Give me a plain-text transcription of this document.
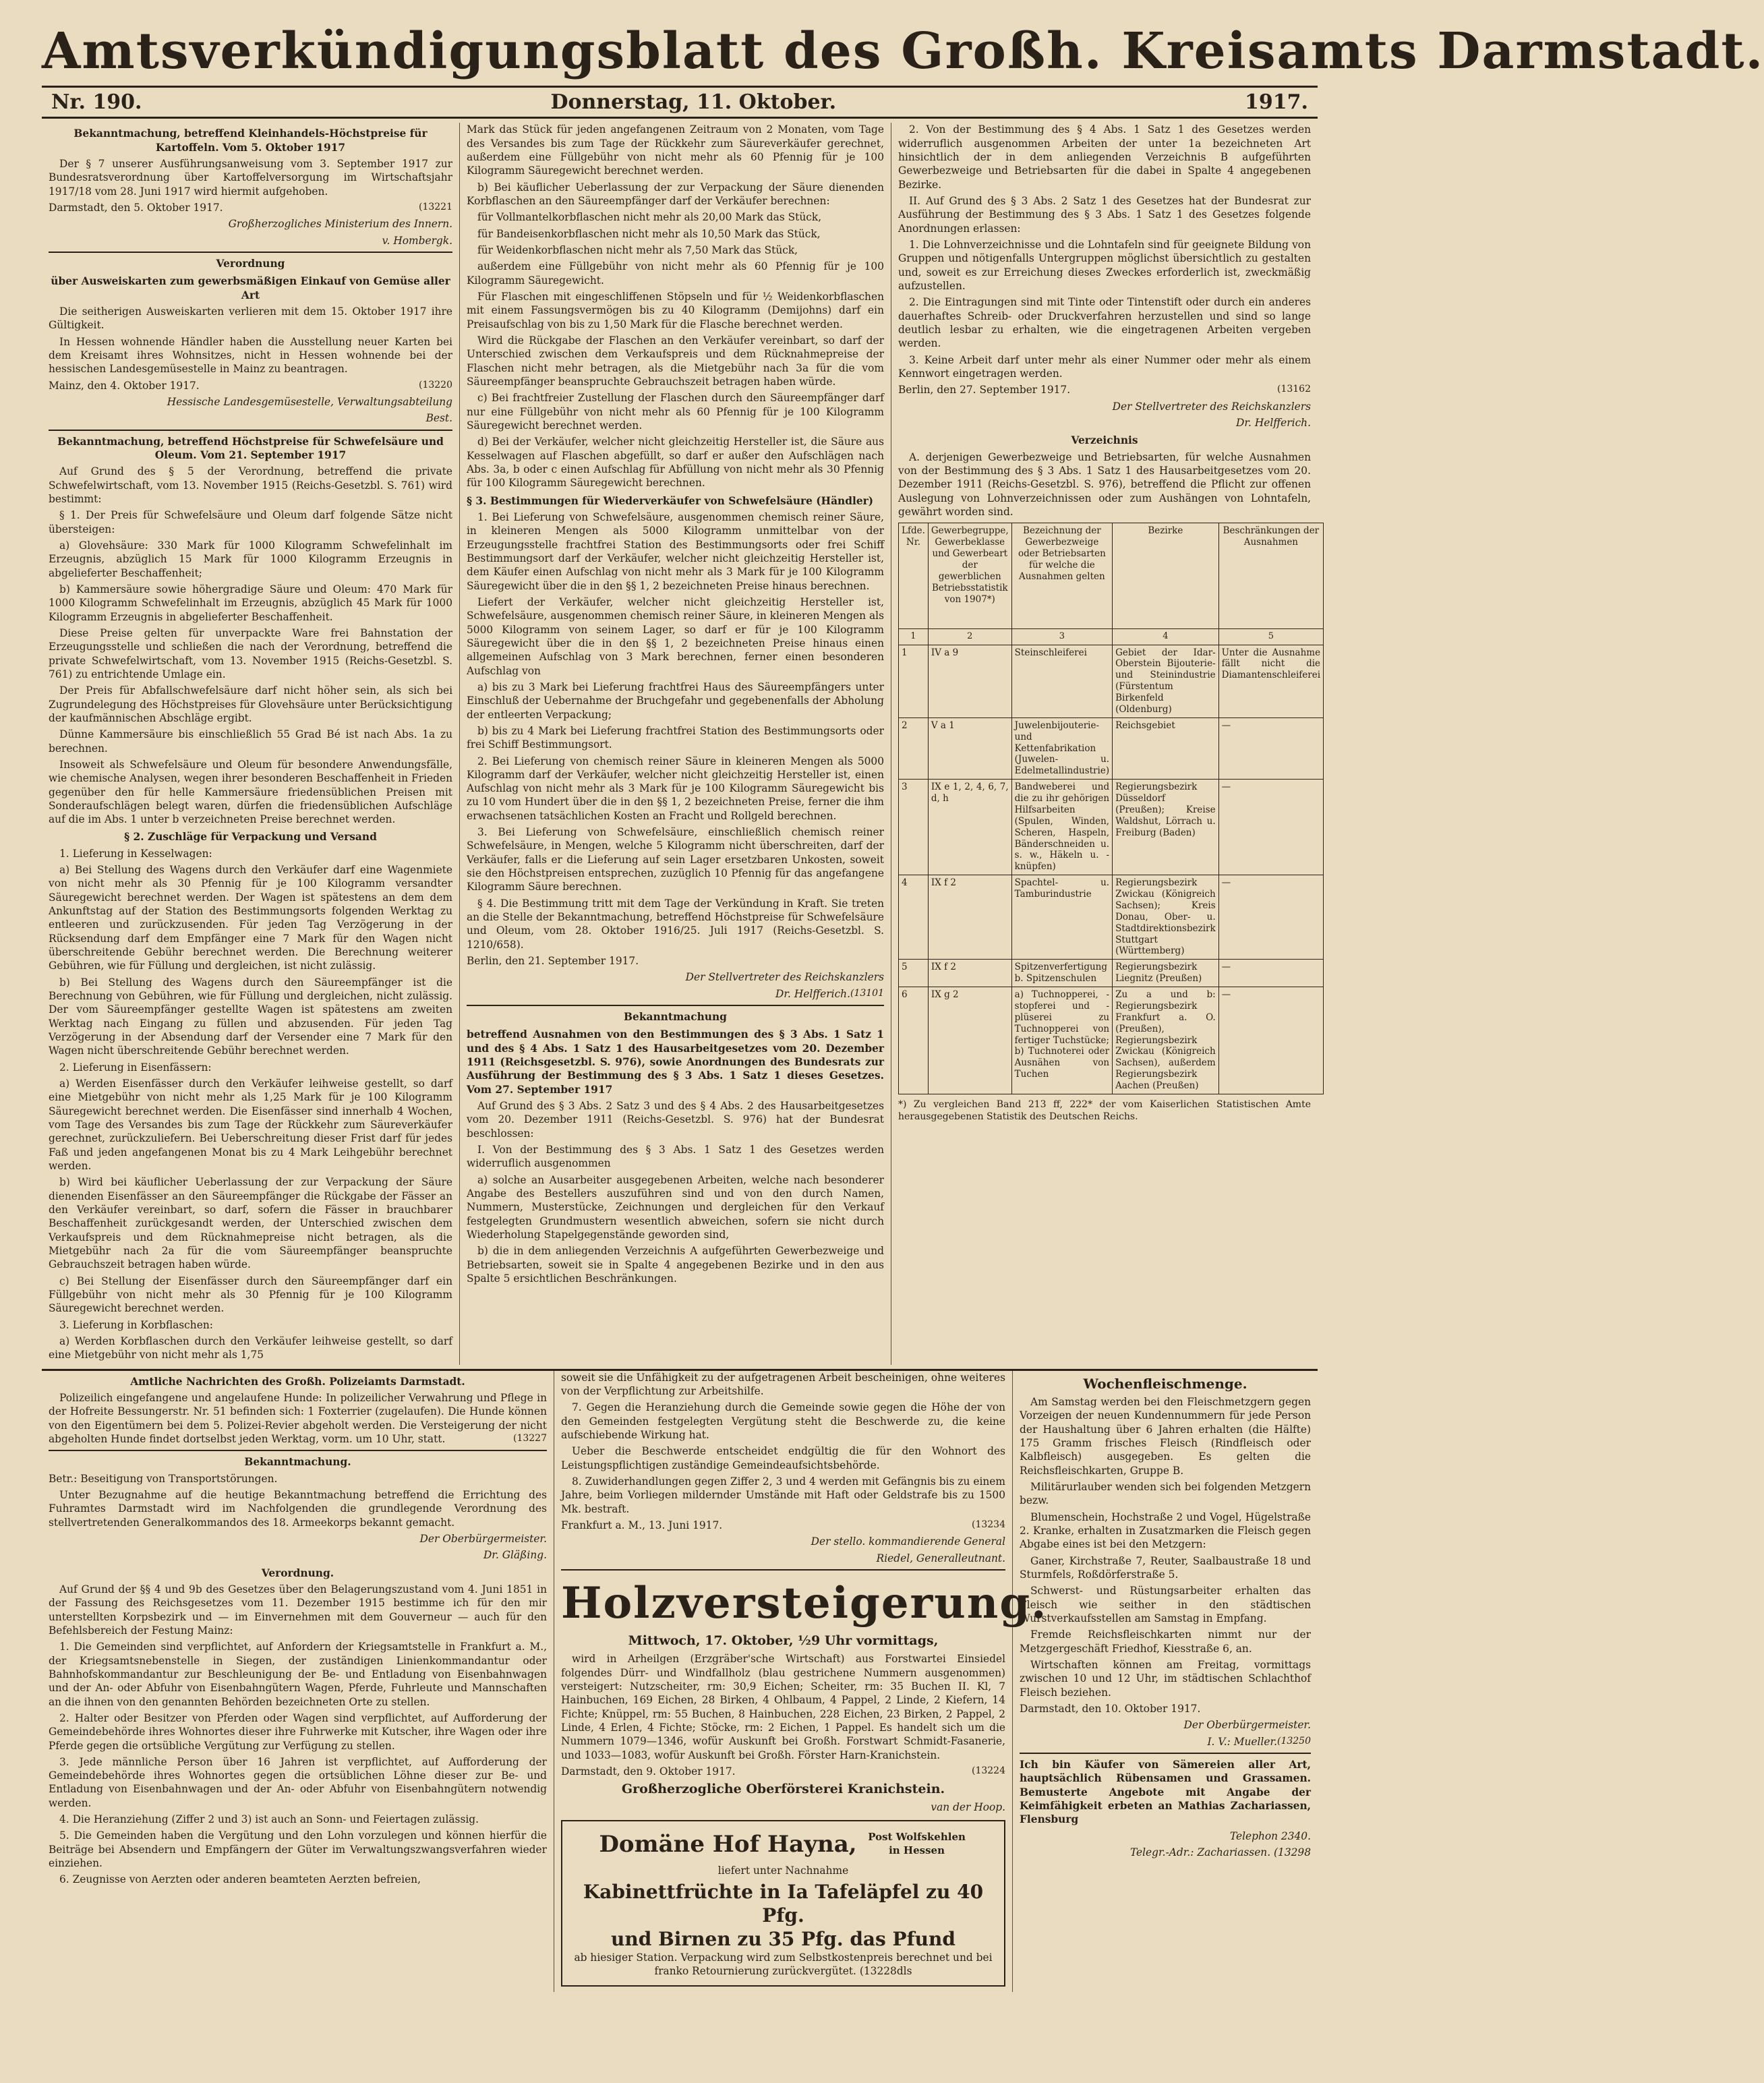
Amtsverkündigungsblatt des Großh. Kreisamts Darmstadt.
Nr. 190.	Donnerstag, 11. Oktober.	1917.
Bekanntmachung, betreffend Kleinhandels-Höchstpreise für Kartoffeln. Vom 5. Oktober 1917

Der § 7 unserer Ausführungsanweisung vom 3. September 1917 zur Bundesratsverordnung über Kartoffelversorgung im Wirtschaftsjahr 1917/18 vom 28. Juni 1917 wird hiermit aufgehoben.

Darmstadt, den 5. Oktober 1917.	(13221

Großherzogliches Ministerium des Innern.

v. Hombergk.

Verordnung
über Ausweiskarten zum gewerbsmäßigen Einkauf von Gemüse aller Art

Die seitherigen Ausweiskarten verlieren mit dem 15. Oktober 1917 ihre Gültigkeit.

In Hessen wohnende Händler haben die Ausstellung neuer Karten bei dem Kreisamt ihres Wohnsitzes, nicht in Hessen wohnende bei der hessischen Landesgemüsestelle in Mainz zu beantragen.

Mainz, den 4. Oktober 1917.	(13220

Hessische Landesgemüsestelle, Verwaltungsabteilung

Best.

Bekanntmachung, betreffend Höchstpreise für Schwefelsäure und Oleum. Vom 21. September 1917

Auf Grund des § 5 der Verordnung, betreffend die private Schwefelwirtschaft, vom 13. November 1915 (Reichs-Gesetzbl. S. 761) wird bestimmt:

§ 1. Der Preis für Schwefelsäure und Oleum darf folgende Sätze nicht übersteigen:

a) Glovehsäure: 330 Mark für 1000 Kilogramm Schwefelinhalt im Erzeugnis, abzüglich 15 Mark für 1000 Kilogramm Erzeugnis in abgelieferter Beschaffenheit;

b) Kammersäure sowie höhergradige Säure und Oleum: 470 Mark für 1000 Kilogramm Schwefelinhalt im Erzeugnis, abzüglich 45 Mark für 1000 Kilogramm Erzeugnis in abgelieferter Beschaffenheit.

Diese Preise gelten für unverpackte Ware frei Bahnstation der Erzeugungsstelle und schließen die nach der Verordnung, betreffend die private Schwefelwirtschaft, vom 13. November 1915 (Reichs-Gesetzbl. S. 761) zu entrichtende Umlage ein.

Der Preis für Abfallschwefelsäure darf nicht höher sein, als sich bei Zugrundelegung des Höchstpreises für Glovehsäure unter Berücksichtigung der kaufmännischen Abschläge ergibt.

Dünne Kammersäure bis einschließlich 55 Grad Bé ist nach Abs. 1a zu berechnen.

Insoweit als Schwefelsäure und Oleum für besondere Anwendungsfälle, wie chemische Analysen, wegen ihrer besonderen Beschaffenheit in Frieden gegenüber den für helle Kammersäure friedensüblichen Preisen mit Sonderaufschlägen belegt waren, dürfen die friedensüblichen Aufschläge auf die im Abs. 1 unter b verzeichneten Preise berechnet werden.

§ 2. Zuschläge für Verpackung und Versand

1. Lieferung in Kesselwagen:

a) Bei Stellung des Wagens durch den Verkäufer darf eine Wagenmiete von nicht mehr als 30 Pfennig für je 100 Kilogramm versandter Säuregewicht berechnet werden. Der Wagen ist spätestens an dem dem Ankunftstag auf der Station des Bestimmungsorts folgenden Werktag zu entleeren und zurückzusenden. Für jeden Tag Verzögerung in der Rücksendung darf dem Empfänger eine 7 Mark für den Wagen nicht überschreitende Gebühr berechnet werden. Die Berechnung weiterer Gebühren, wie für Füllung und dergleichen, ist nicht zulässig.

b) Bei Stellung des Wagens durch den Säureempfänger ist die Berechnung von Gebühren, wie für Füllung und dergleichen, nicht zulässig. Der vom Säureempfänger gestellte Wagen ist spätestens am zweiten Werktag nach Eingang zu füllen und abzusenden. Für jeden Tag Verzögerung in der Absendung darf der Versender eine 7 Mark für den Wagen nicht überschreitende Gebühr berechnet werden.

2. Lieferung in Eisenfässern:

a) Werden Eisenfässer durch den Verkäufer leihweise gestellt, so darf eine Mietgebühr von nicht mehr als 1,25 Mark für je 100 Kilogramm Säuregewicht berechnet werden. Die Eisenfässer sind innerhalb 4 Wochen, vom Tage des Versandes bis zum Tage der Rückkehr zum Säureverkäufer gerechnet, zurückzuliefern. Bei Ueberschreitung dieser Frist darf für jedes Faß und jeden angefangenen Monat bis zu 4 Mark Leihgebühr berechnet werden.

b) Wird bei käuflicher Ueberlassung der zur Verpackung der Säure dienenden Eisenfässer an den Säureempfänger die Rückgabe der Fässer an den Verkäufer vereinbart, so darf, sofern die Fässer in brauchbarer Beschaffenheit zurückgesandt werden, der Unterschied zwischen dem Verkaufspreis und dem Rücknahmepreise nicht betragen, als die Mietgebühr nach 2a für die vom Säureempfänger beanspruchte Gebrauchszeit betragen haben würde.

c) Bei Stellung der Eisenfässer durch den Säureempfänger darf ein Füllgebühr von nicht mehr als 30 Pfennig für je 100 Kilogramm Säuregewicht berechnet werden.

3. Lieferung in Korbflaschen:

a) Werden Korbflaschen durch den Verkäufer leihweise gestellt, so darf eine Mietgebühr von nicht mehr als 1,75

Mark das Stück für jeden angefangenen Zeitraum von 2 Monaten, vom Tage des Versandes bis zum Tage der Rückkehr zum Säureverkäufer gerechnet, außerdem eine Füllgebühr von nicht mehr als 60 Pfennig für je 100 Kilogramm Säuregewicht berechnet werden.

b) Bei käuflicher Ueberlassung der zur Verpackung der Säure dienenden Korbflaschen an den Säureempfänger darf der Verkäufer berechnen:

für Vollmantelkorbflaschen nicht mehr als 20,00 Mark das Stück,

für Bandeisenkorbflaschen nicht mehr als 10,50 Mark das Stück,

für Weidenkorbflaschen nicht mehr als 7,50 Mark das Stück,

außerdem eine Füllgebühr von nicht mehr als 60 Pfennig für je 100 Kilogramm Säuregewicht.

Für Flaschen mit eingeschliffenen Stöpseln und für ½ Weidenkorbflaschen mit einem Fassungsvermögen bis zu 40 Kilogramm (Demijohns) darf ein Preisaufschlag von bis zu 1,50 Mark für die Flasche berechnet werden.

Wird die Rückgabe der Flaschen an den Verkäufer vereinbart, so darf der Unterschied zwischen dem Verkaufspreis und dem Rücknahmepreise der Flaschen nicht mehr betragen, als die Mietgebühr nach 3a für die vom Säureempfänger beanspruchte Gebrauchszeit betragen haben würde.

c) Bei frachtfreier Zustellung der Flaschen durch den Säureempfänger darf nur eine Füllgebühr von nicht mehr als 60 Pfennig für je 100 Kilogramm Säuregewicht berechnet werden.

d) Bei der Verkäufer, welcher nicht gleichzeitig Hersteller ist, die Säure aus Kesselwagen auf Flaschen abgefüllt, so darf er außer den Aufschlägen nach Abs. 3a, b oder c einen Aufschlag für Abfüllung von nicht mehr als 30 Pfennig für 100 Kilogramm Säuregewicht berechnen.

§ 3. Bestimmungen für Wiederverkäufer von Schwefelsäure (Händler)

1. Bei Lieferung von Schwefelsäure, ausgenommen chemisch reiner Säure, in kleineren Mengen als 5000 Kilogramm unmittelbar von der Erzeugungsstelle frachtfrei Station des Bestimmungsorts oder frei Schiff Bestimmungsort darf der Verkäufer, welcher nicht gleichzeitig Hersteller ist, dem Käufer einen Aufschlag von nicht mehr als 3 Mark für je 100 Kilogramm Säuregewicht über die in den §§ 1, 2 bezeichneten Preise hinaus berechnen.

Liefert der Verkäufer, welcher nicht gleichzeitig Hersteller ist, Schwefelsäure, ausgenommen chemisch reiner Säure, in kleineren Mengen als 5000 Kilogramm von seinem Lager, so darf er für je 100 Kilogramm Säuregewicht über die in den §§ 1, 2 bezeichneten Preise hinaus einen allgemeinen Aufschlag von 3 Mark berechnen, ferner einen besonderen Aufschlag von

a) bis zu 3 Mark bei Lieferung frachtfrei Haus des Säureempfängers unter Einschluß der Uebernahme der Bruchgefahr und gegebenenfalls der Abholung der entleerten Verpackung;

b) bis zu 4 Mark bei Lieferung frachtfrei Station des Bestimmungsorts oder frei Schiff Bestimmungsort.

2. Bei Lieferung von chemisch reiner Säure in kleineren Mengen als 5000 Kilogramm darf der Verkäufer, welcher nicht gleichzeitig Hersteller ist, einen Aufschlag von nicht mehr als 3 Mark für je 100 Kilogramm Säuregewicht bis zu 10 vom Hundert über die in den §§ 1, 2 bezeichneten Preise, ferner die ihm erwachsenen tatsächlichen Kosten an Fracht und Rollgeld berechnen.

3. Bei Lieferung von Schwefelsäure, einschließlich chemisch reiner Schwefelsäure, in Mengen, welche 5 Kilogramm nicht überschreiten, darf der Verkäufer, falls er die Lieferung auf sein Lager ersetzbaren Unkosten, soweit sie den Höchstpreisen entsprechen, zuzüglich 10 Pfennig für das angefangene Kilogramm Säure berechnen.

§ 4. Die Bestimmung tritt mit dem Tage der Verkündung in Kraft. Sie treten an die Stelle der Bekanntmachung, betreffend Höchstpreise für Schwefelsäure und Oleum, vom 28. Oktober 1916/25. Juli 1917 (Reichs-Gesetzbl. S. 1210/658).

Berlin, den 21. September 1917.

Der Stellvertreter des Reichskanzlers

Dr. Helfferich. (13101

Bekanntmachung
betreffend Ausnahmen von den Bestimmungen des § 3 Abs. 1 Satz 1 und des § 4 Abs. 1 Satz 1 des Hausarbeitgesetzes vom 20. Dezember 1911 (Reichsgesetzbl. S. 976), sowie Anordnungen des Bundesrats zur Ausführung der Bestimmung des § 3 Abs. 1 Satz 1 dieses Gesetzes. Vom 27. September 1917

Auf Grund des § 3 Abs. 2 Satz 3 und des § 4 Abs. 2 des Hausarbeitgesetzes vom 20. Dezember 1911 (Reichs-Gesetzbl. S. 976) hat der Bundesrat beschlossen:

I. Von der Bestimmung des § 3 Abs. 1 Satz 1 des Gesetzes werden widerruflich ausgenommen

a) solche an Ausarbeiter ausgegebenen Arbeiten, welche nach besonderer Angabe des Bestellers auszuführen sind und von den durch Namen, Nummern, Musterstücke, Zeichnungen und dergleichen für den Verkauf festgelegten Grundmustern wesentlich abweichen, sofern sie nicht durch Wiederholung Stapelgegenstände geworden sind,

b) die in dem anliegenden Verzeichnis A aufgeführten Gewerbezweige und Betriebsarten, soweit sie in Spalte 4 angegebenen Bezirke und in den aus Spalte 5 ersichtlichen Beschränkungen.

2. Von der Bestimmung des § 4 Abs. 1 Satz 1 des Gesetzes werden widerruflich ausgenommen Arbeiten der unter 1a bezeichneten Art hinsichtlich der in dem anliegenden Verzeichnis B aufgeführten Gewerbezweige und Betriebsarten für die dabei in Spalte 4 angegebenen Bezirke.

II. Auf Grund des § 3 Abs. 2 Satz 1 des Gesetzes hat der Bundesrat zur Ausführung der Bestimmung des § 3 Abs. 1 Satz 1 des Gesetzes folgende Anordnungen erlassen:

1. Die Lohnverzeichnisse und die Lohntafeln sind für geeignete Bildung von Gruppen und nötigenfalls Untergruppen möglichst übersichtlich zu gestalten und, soweit es zur Erreichung dieses Zweckes erforderlich ist, zweckmäßig aufzustellen.

2. Die Eintragungen sind mit Tinte oder Tintenstift oder durch ein anderes dauerhaftes Schreib- oder Druckverfahren herzustellen und sind so lange deutlich lesbar zu erhalten, wie die eingetragenen Arbeiten vergeben werden.

3. Keine Arbeit darf unter mehr als einer Nummer oder mehr als einem Kennwort eingetragen werden.

Berlin, den 27. September 1917.	(13162

Der Stellvertreter des Reichskanzlers

Dr. Helfferich.

Verzeichnis

A. derjenigen Gewerbezweige und Betriebsarten, für welche Ausnahmen von der Bestimmung des § 3 Abs. 1 Satz 1 des Hausarbeitgesetzes vom 20. Dezember 1911 (Reichs-Gesetzbl. S. 976), betreffend die Pflicht zur offenen Auslegung von Lohnverzeichnissen oder zum Aushängen von Lohntafeln, gewährt worden sind.

Lfde. Nr.	Gewerbegruppe, Gewerbeklasse und Gewerbeart der gewerblichen Betriebsstatistik von 1907*)	Bezeichnung der Gewerbezweige oder Betriebsarten für welche die Ausnahmen gelten	Bezirke	Beschränkungen der Ausnahmen
1	2	3	4	5
1	IV a 9	Steinschleiferei	Gebiet der Idar-Oberstein Bijouterie- und Steinindustrie (Fürstentum Birkenfeld (Oldenburg)	Unter die Ausnahme fällt nicht die Diamantenschleiferei
2	V a 1	Juwelenbijouterie- und Kettenfabrikation (Juwelen- u. Edelmetallindustrie)	Reichsgebiet	—
3	IX e 1, 2, 4, 6, 7, d, h	Bandweberei und die zu ihr gehörigen Hilfsarbeiten (Spulen, Winden, Scheren, Haspeln, Bänderschneiden u. s. w., Häkeln u. -knüpfen)	Regierungsbezirk Düsseldorf (Preußen); Kreise Waldshut, Lörrach u. Freiburg (Baden)	—
4	IX f 2	Spachtel- u. Tamburindustrie	Regierungsbezirk Zwickau (Königreich Sachsen); Kreis Donau, Ober- u. Stadtdirektionsbezirk Stuttgart (Württemberg)	—
5	IX f 2	Spitzenverfertigung b. Spitzenschulen	Regierungsbezirk Liegnitz (Preußen)	—
6	IX g 2	a) Tuchnopperei, -stopferei und -plüserei zu Tuchnopperei von fertiger Tuchstücke; b) Tuchnoterei oder Ausnähen von Tuchen	Zu a und b: Regierungsbezirk Frankfurt a. O. (Preußen), Regierungsbezirk Zwickau (Königreich Sachsen), außerdem Regierungsbezirk Aachen (Preußen)	—

*) Zu vergleichen Band 213 ff, 222* der vom Kaiserlichen Statistischen Amte herausgegebenen Statistik des Deutschen Reichs.

Amtliche Nachrichten des Großh. Polizeiamts Darmstadt.

Polizeilich eingefangene und angelaufene Hunde: In polizeilicher Verwahrung und Pflege in der Hofreite Bessungerstr. Nr. 51 befinden sich: 1 Foxterrier (zugelaufen). Die Hunde können von den Eigentümern bei dem 5. Polizei-Revier abgeholt werden. Die Versteigerung der nicht abgeholten Hunde findet dortselbst jeden Werktag, vorm. um 10 Uhr, statt.	(13227

Bekanntmachung.

Betr.: Beseitigung von Transportstörungen.

Unter Bezugnahme auf die heutige Bekanntmachung betreffend die Errichtung des Fuhramtes Darmstadt wird im Nachfolgenden die grundlegende Verordnung des stellvertretenden Generalkommandos des 18. Armeekorps bekannt gemacht.

Der Oberbürgermeister.

Dr. Gläßing.

Verordnung.

Auf Grund der §§ 4 und 9b des Gesetzes über den Belagerungszustand vom 4. Juni 1851 in der Fassung des Reichsgesetzes vom 11. Dezember 1915 bestimme ich für den mir unterstellten Korpsbezirk und — im Einvernehmen mit dem Gouverneur — auch für den Befehlsbereich der Festung Mainz:

1. Die Gemeinden sind verpflichtet, auf Anfordern der Kriegsamtstelle in Frankfurt a. M., der Kriegsamtsnebenstelle in Siegen, der zuständigen Linienkommandantur oder Bahnhofskommandantur zur Beschleunigung der Be- und Entladung von Eisenbahnwagen und der An- oder Abfuhr von Eisenbahngütern Wagen, Pferde, Fuhrleute und Mannschaften an die ihnen von den genannten Behörden bezeichneten Orte zu stellen.

2. Halter oder Besitzer von Pferden oder Wagen sind verpflichtet, auf Aufforderung der Gemeindebehörde ihres Wohnortes dieser ihre Fuhrwerke mit Kutscher, ihre Wagen oder ihre Pferde gegen die ortsübliche Vergütung zur Verfügung zu stellen.

3. Jede männliche Person über 16 Jahren ist verpflichtet, auf Aufforderung der Gemeindebehörde ihres Wohnortes gegen die ortsüblichen Löhne dieser zur Be- und Entladung von Eisenbahnwagen und der An- oder Abfuhr von Eisenbahngütern notwendig werden.

4. Die Heranziehung (Ziffer 2 und 3) ist auch an Sonn- und Feiertagen zulässig.

5. Die Gemeinden haben die Vergütung und den Lohn vorzulegen und können hierfür die Beiträge bei Absendern und Empfängern der Güter im Verwaltungszwangsverfahren wieder einziehen.

6. Zeugnisse von Aerzten oder anderen beamteten Aerzten befreien,

soweit sie die Unfähigkeit zu der aufgetragenen Arbeit bescheinigen, ohne weiteres von der Verpflichtung zur Arbeitshilfe.

7. Gegen die Heranziehung durch die Gemeinde sowie gegen die Höhe der von den Gemeinden festgelegten Vergütung steht die Beschwerde zu, die keine aufschiebende Wirkung hat.

Ueber die Beschwerde entscheidet endgültig die für den Wohnort des Leistungspflichtigen zuständige Gemeindeaufsichtsbehörde.

8. Zuwiderhandlungen gegen Ziffer 2, 3 und 4 werden mit Gefängnis bis zu einem Jahre, beim Vorliegen mildernder Umstände mit Haft oder Geldstrafe bis zu 1500 Mk. bestraft.

Frankfurt a. M., 13. Juni 1917.	(13234

Der stello. kommandierende General

Riedel, Generalleutnant.

Holzversteigerung.

Mittwoch, 17. Oktober, ½9 Uhr vormittags,

wird in Arheilgen (Erzgräber'sche Wirtschaft) aus Forstwartei Einsiedel folgendes Dürr- und Windfallholz (blau gestrichene Nummern ausgenommen) versteigert: Nutzscheiter, rm: 30,9 Eichen; Scheiter, rm: 35 Buchen II. Kl, 7 Hainbuchen, 169 Eichen, 28 Birken, 4 Ohlbaum, 4 Pappel, 2 Linde, 2 Kiefern, 14 Fichte; Knüppel, rm: 55 Buchen, 8 Hainbuchen, 228 Eichen, 23 Birken, 2 Pappel, 2 Linde, 4 Erlen, 4 Fichte; Stöcke, rm: 2 Eichen, 1 Pappel. Es handelt sich um die Nummern 1079—1346, wofür Auskunft bei Großh. Forstwart Schmidt-Fasanerie, und 1033—1083, wofür Auskunft bei Großh. Förster Harn-Kranichstein.

Darmstadt, den 9. Oktober 1917.	(13224

Großherzogliche Oberförsterei Kranichstein.

van der Hoop.

Domäne Hof Hayna, Post Wolfskehlen in Hessen

liefert unter Nachnahme

Kabinettfrüchte in Ia Tafeläpfel zu 40 Pfg.
und Birnen zu 35 Pfg. das Pfund

ab hiesiger Station. Verpackung wird zum Selbstkostenpreis berechnet und bei franko Retournierung zurückvergütet. (13228dls

Wochenfleischmenge.

Am Samstag werden bei den Fleischmetzgern gegen Vorzeigen der neuen Kundennummern für jede Person der Haushaltung über 6 Jahren erhalten (die Hälfte) 175 Gramm frisches Fleisch (Rindfleisch oder Kalbfleisch) ausgegeben. Es gelten die Reichsfleischkarten, Gruppe B.

Militärurlauber wenden sich bei folgenden Metzgern bezw.

Blumenschein, Hochstraße 2 und Vogel, Hügelstraße 2. Kranke, erhalten in Zusatzmarken die Fleisch gegen Abgabe eines ist bei den Metzgern:

Ganer, Kirchstraße 7, Reuter, Saalbaustraße 18 und Sturmfels, Roßdörferstraße 5.

Schwerst- und Rüstungsarbeiter erhalten das Fleisch wie seither in den städtischen Wurstverkaufsstellen am Samstag in Empfang.

Fremde Reichsfleischkarten nimmt nur der Metzgergeschäft Friedhof, Kiesstraße 6, an.

Wirtschaften können am Freitag, vormittags zwischen 10 und 12 Uhr, im städtischen Schlachthof Fleisch beziehen.

Darmstadt, den 10. Oktober 1917.

Der Oberbürgermeister.

I. V.: Mueller. (13250

Ich bin Käufer von Sämereien aller Art, hauptsächlich Rübensamen und Grassamen. Bemusterte Angebote mit Angabe der Keimfähigkeit erbeten an Mathias Zachariassen, Flensburg

Telephon 2340.

Telegr.-Adr.: Zachariassen. (13298
